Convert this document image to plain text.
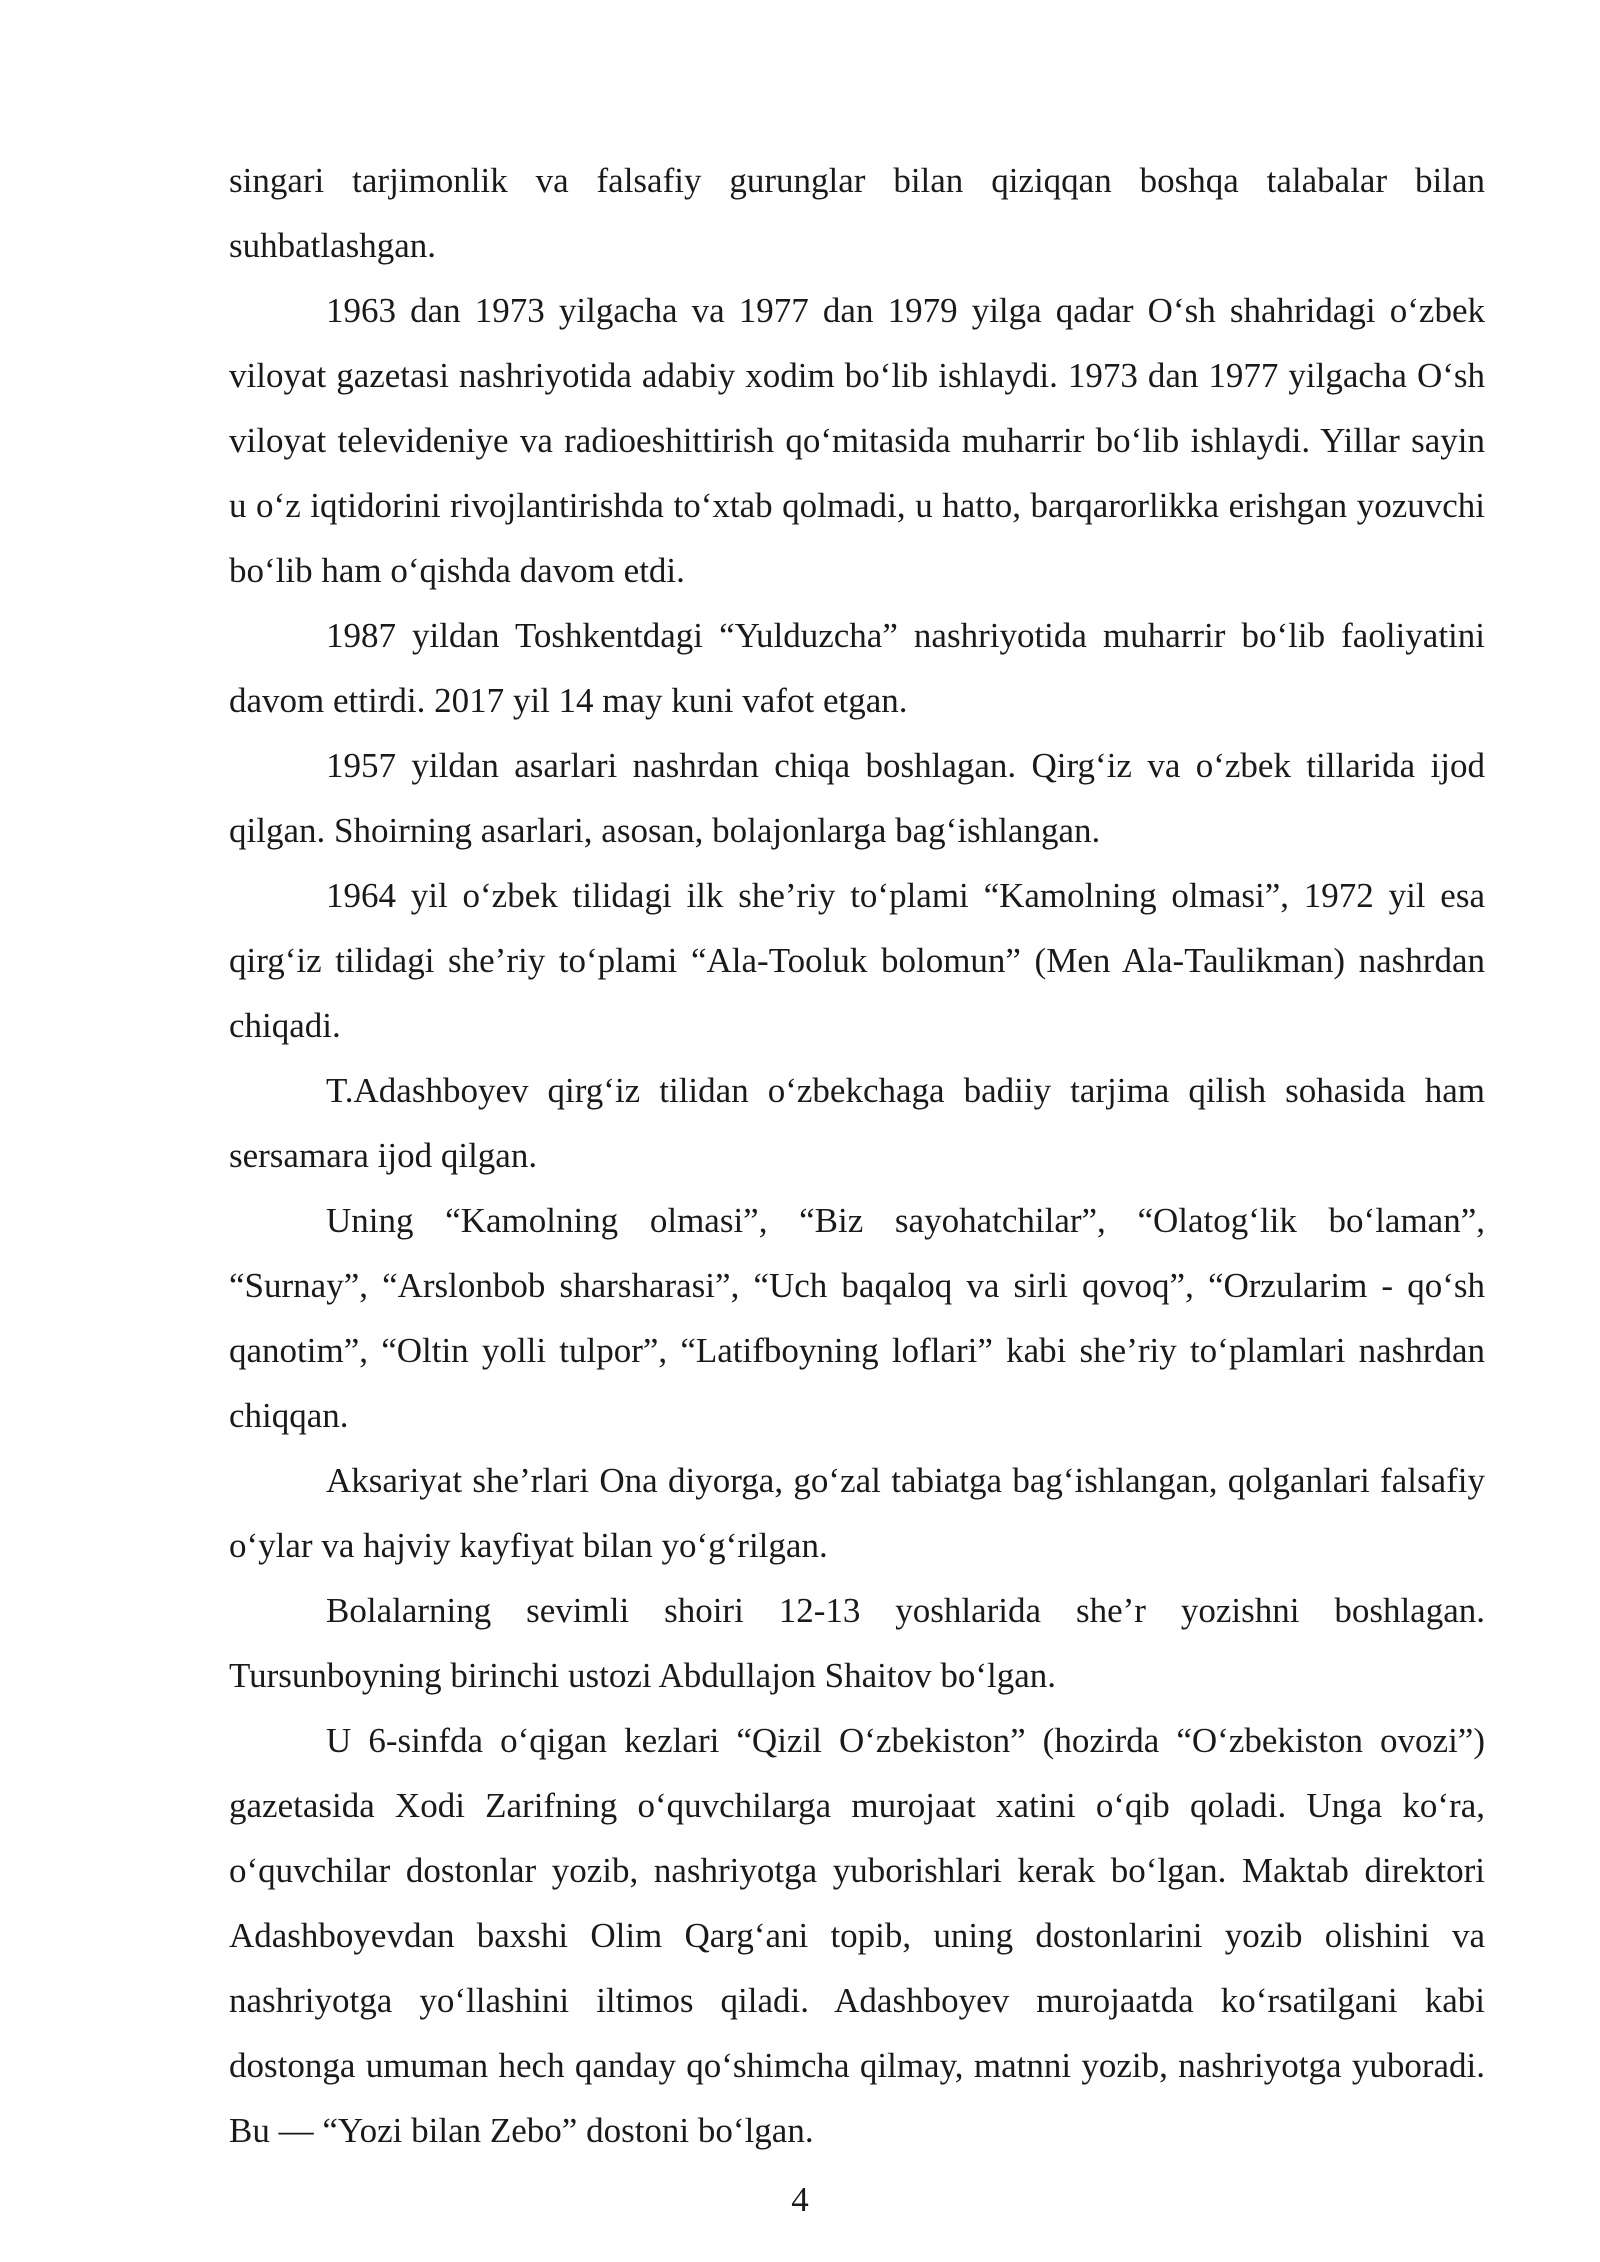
singari tarjimonlik va falsafiy gurunglar bilan qiziqqan boshqa talabalar bilan suhbatlashgan.

1963 dan 1973 yilgacha va 1977 dan 1979 yilga qadar O‘sh shahridagi o‘zbek viloyat gazetasi nashriyotida adabiy xodim bo‘lib ishlaydi. 1973 dan 1977 yilgacha O‘sh viloyat televideniye va radioeshittirish qo‘mitasida muharrir bo‘lib ishlaydi. Yillar sayin u o‘z iqtidorini rivojlantirishda to‘xtab qolmadi, u hatto, barqarorlikka erishgan yozuvchi bo‘lib ham o‘qishda davom etdi.

1987 yildan Toshkentdagi “Yulduzcha” nashriyotida muharrir bo‘lib faoliyatini davom ettirdi. 2017 yil 14 may kuni vafot etgan.

1957 yildan asarlari nashrdan chiqa boshlagan. Qirg‘iz va o‘zbek tillarida ijod qilgan. Shoirning asarlari, asosan, bolajonlarga bag‘ishlangan.

1964 yil o‘zbek tilidagi ilk she’riy to‘plami “Kamolning olmasi”, 1972 yil esa qirg‘iz tilidagi she’riy to‘plami “Ala-Tooluk bolomun” (Men Ala-Taulikman) nashrdan chiqadi.

T.Adashboyev qirg‘iz tilidan o‘zbekchaga badiiy tarjima qilish sohasida ham sersamara ijod qilgan.

Uning “Kamolning olmasi”, “Biz sayohatchilar”, “Olatog‘lik bo‘laman”, “Surnay”, “Arslonbob sharsharasi”, “Uch baqaloq va sirli qovoq”, “Orzularim - qo‘sh qanotim”, “Oltin yolli tulpor”, “Latifboyning loflari” kabi she’riy to‘plamlari nashrdan chiqqan.

Aksariyat she’rlari Ona diyorga, go‘zal tabiatga bag‘ishlangan, qolganlari falsafiy o‘ylar va hajviy kayfiyat bilan yo‘g‘rilgan.

Bolalarning sevimli shoiri 12-13 yoshlarida she’r yozishni boshlagan. Tursunboyning birinchi ustozi Abdullajon Shaitov bo‘lgan.

U 6-sinfda o‘qigan kezlari “Qizil O‘zbekiston” (hozirda “O‘zbekiston ovozi”) gazetasida Xodi Zarifning o‘quvchilarga murojaat xatini o‘qib qoladi. Unga ko‘ra, o‘quvchilar dostonlar yozib, nashriyotga yuborishlari kerak bo‘lgan. Maktab direktori Adashboyevdan baxshi Olim Qarg‘ani topib, uning dostonlarini yozib olishini va nashriyotga yo‘llashini iltimos qiladi. Adashboyev murojaatda ko‘rsatilgani kabi dostonga umuman hech qanday qo‘shimcha qilmay, matnni yozib, nashriyotga yuboradi. Bu — “Yozi bilan Zebo” dostoni bo‘lgan.

4
